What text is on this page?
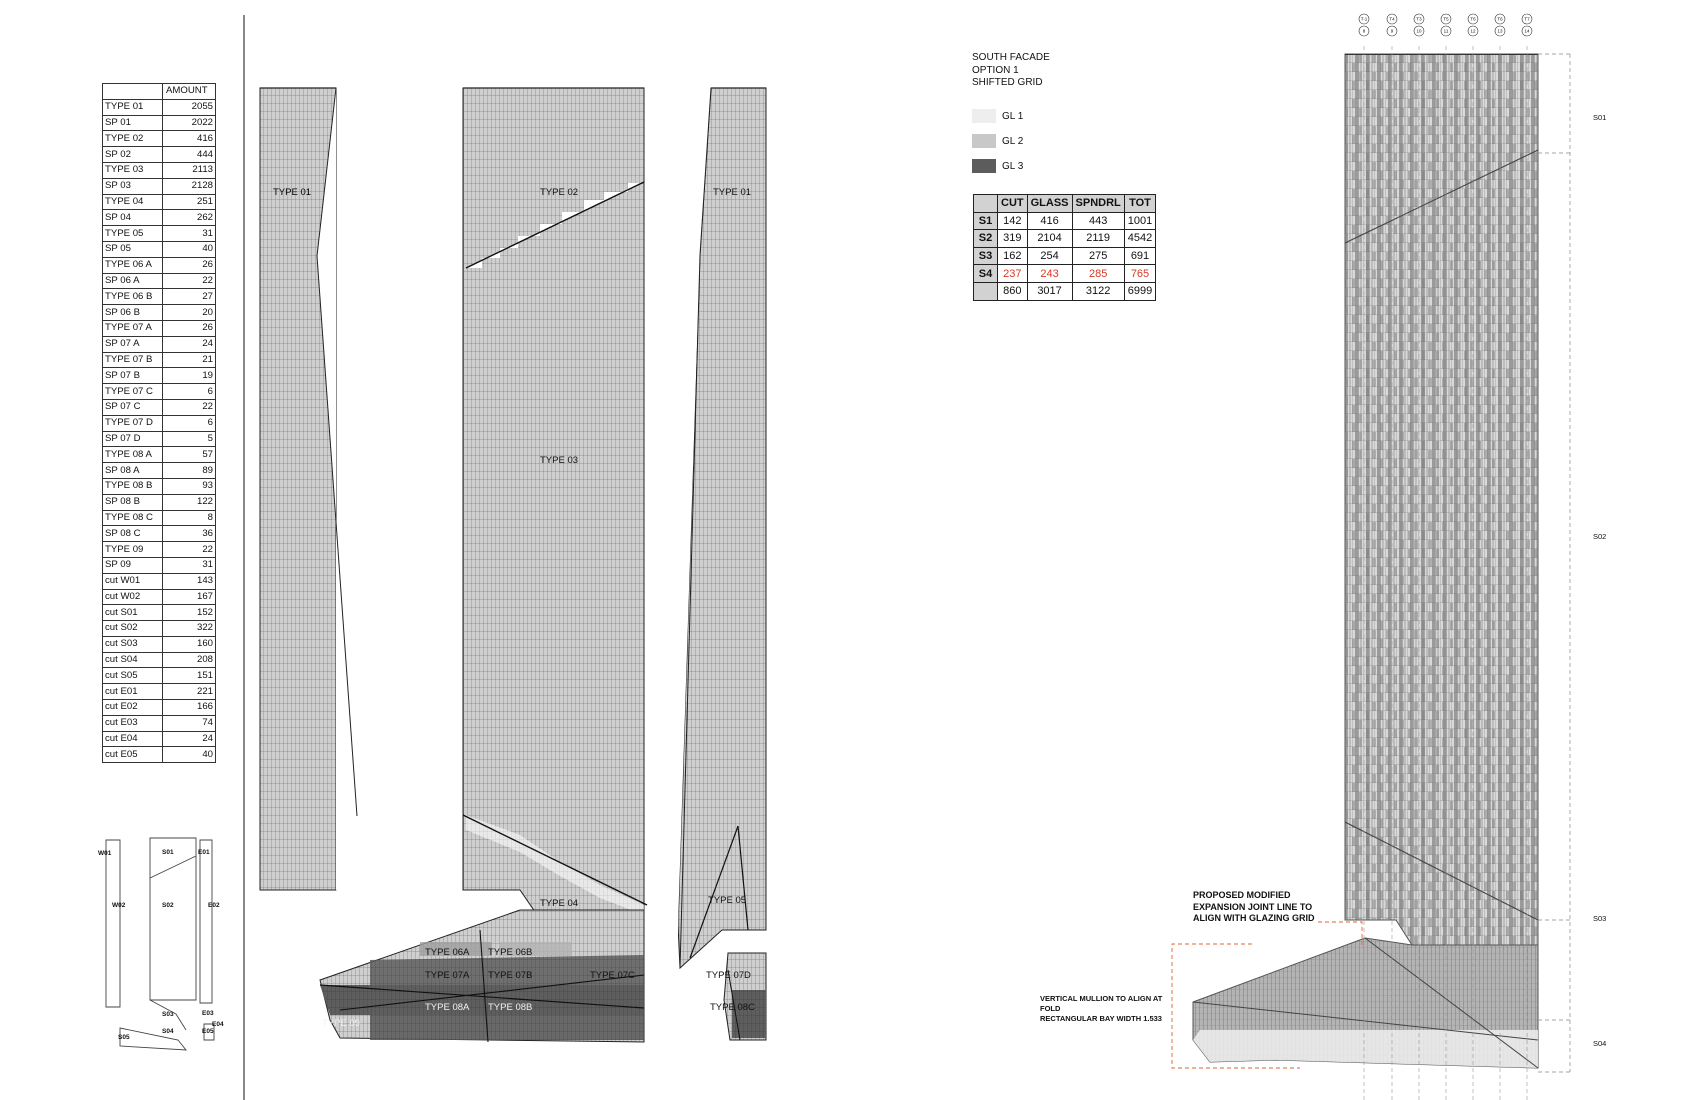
W01	S01	E01
W02	S02	E02
S03	E03
E04
S04
S05
E05
TYPE 01	TYPE 02
TYPE 03
TYPE 04
TYPE 06A TYPE 06B
TYPE 07A TYPE 07B	TYPE 07C
TYPE 08A TYPE 08B
TYPE 09
TYPE 01
TYPE 05
TYPE 07D
TYPE 08C
T-1
8
T4
9
T3
10
T5
11
T6
12
T6
13
T7
14
S01
S02
S03
S04
	AMOUNT
TYPE 01	2055
SP 01	2022
TYPE 02	416
SP 02	444
TYPE 03	2113
SP 03	2128
TYPE 04	251
SP 04	262
TYPE 05	31
SP 05	40
TYPE 06 A	26
SP 06 A	22
TYPE 06 B	27
SP 06 B	20
TYPE 07 A	26
SP 07 A	24
TYPE 07 B	21
SP 07 B	19
TYPE 07 C	6
SP 07 C	22
TYPE 07 D	6
SP 07 D	5
TYPE 08 A	57
SP 08 A	89
TYPE 08 B	93
SP 08 B	122
TYPE 08 C	8
SP 08 C	36
TYPE 09	22
SP 09	31
cut W01	143
cut W02	167
cut S01	152
cut S02	322
cut S03	160
cut S04	208
cut S05	151
cut E01	221
cut E02	166
cut E03	74
cut E04	24
cut E05	40
SOUTH FACADE
OPTION 1
SHIFTED GRID
GL 1
GL 2
GL 3
	CUT	GLASS	SPNDRL	TOT
S1	142	416	443	1001
S2	319	2104	2119	4542
S3	162	254	275	691
S4	237	243	285	765
	860	3017	3122	6999
PROPOSED MODIFIED
EXPANSION JOINT LINE TO
ALIGN WITH GLAZING GRID
VERTICAL MULLION TO ALIGN AT
FOLD
RECTANGULAR BAY WIDTH 1.533
